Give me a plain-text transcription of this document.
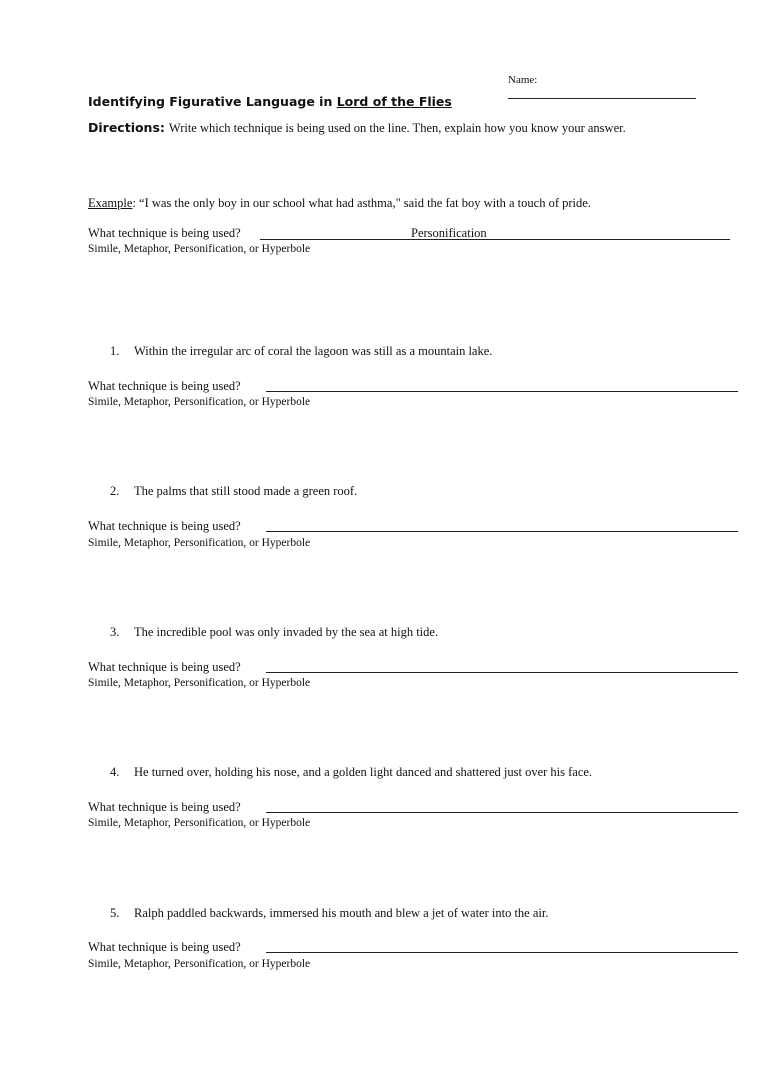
Name:
Identifying Figurative Language in Lord of the Flies
Directions: Write which technique is being used on the line. Then, explain how you know your answer.
Example: “I was the only boy in our school what had asthma," said the fat boy with a touch of pride.
What technique is being used?	Personification
Simile, Metaphor, Personification, or Hyperbole
1. Within the irregular arc of coral the lagoon was still as a mountain lake.
What technique is being used?
Simile, Metaphor, Personification, or Hyperbole
2. The palms that still stood made a green roof.
What technique is being used?
Simile, Metaphor, Personification, or Hyperbole
3. The incredible pool was only invaded by the sea at high tide.
What technique is being used?
Simile, Metaphor, Personification, or Hyperbole
4. He turned over, holding his nose, and a golden light danced and shattered just over his face.
What technique is being used?
Simile, Metaphor, Personification, or Hyperbole
5. Ralph paddled backwards, immersed his mouth and blew a jet of water into the air.
What technique is being used?
Simile, Metaphor, Personification, or Hyperbole
